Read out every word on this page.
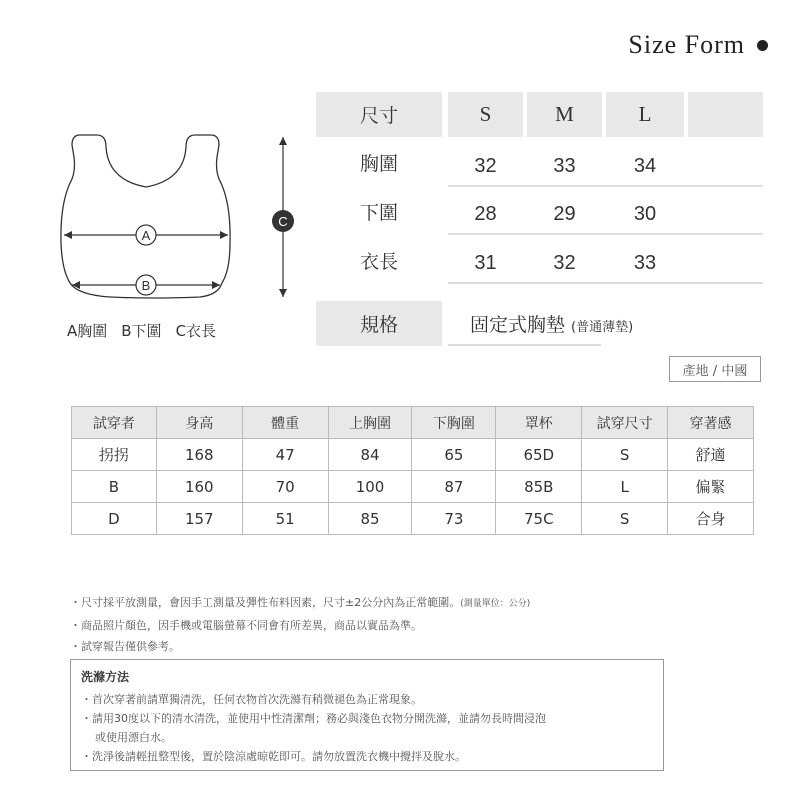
Size Form
A
B
C
A胸圍 B下圍 C衣長
尺寸	S	M	L
胸圍	32	33	34
下圍	28	29	30
衣長	31	32	33
規格	固定式胸墊 (普通薄墊)
產地 / 中國
試穿者	身高	體重	上胸圍	下胸圍	罩杯	試穿尺寸	穿著感
拐拐	168	47	84	65	65D	S	舒適
B	160	70	100	87	85B	L	偏緊
D	157	51	85	73	75C	S	合身
・尺寸採平放測量，會因手工測量及彈性布料因素，尺寸±2公分內為正常範圍。(測量單位：公分)
・商品照片顏色，因手機或電腦螢幕不同會有所差異，商品以實品為準。
・試穿報告僅供參考。
洗滌方法
・首次穿著前請單獨清洗，任何衣物首次洗滌有稍微褪色為正常現象。
・請用30度以下的清水清洗，並使用中性清潔劑；務必與淺色衣物分開洗滌，並請勿長時間浸泡
或使用漂白水。
・洗淨後請輕扭整型後，置於陰涼處晾乾即可。請勿放置洗衣機中攪拌及脫水。
